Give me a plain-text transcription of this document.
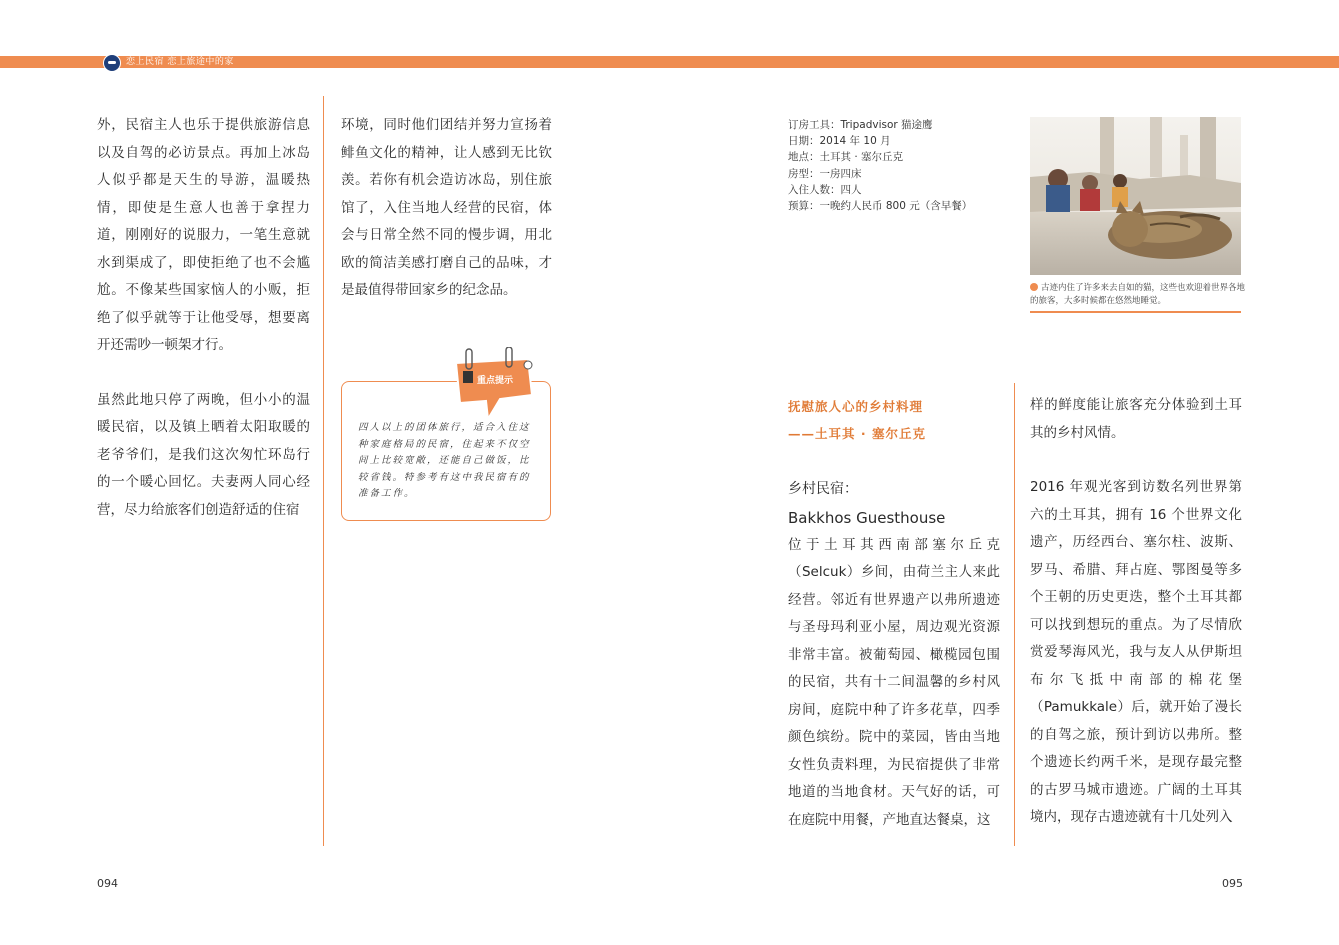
恋上民宿 恋上旅途中的家

外，民宿主人也乐于提供旅游信息以及自驾的必访景点。再加上冰岛人似乎都是天生的导游，温暖热情，即使是生意人也善于拿捏力道，刚刚好的说服力，一笔生意就水到渠成了，即使拒绝了也不会尴尬。不像某些国家恼人的小贩，拒绝了似乎就等于让他受辱，想要离开还需吵一顿架才行。

虽然此地只停了两晚，但小小的温暖民宿，以及镇上晒着太阳取暖的老爷爷们，是我们这次匆忙环岛行的一个暖心回忆。夫妻两人同心经营，尽力给旅客们创造舒适的住宿

环境，同时他们团结并努力宣扬着鲱鱼文化的精神，让人感到无比钦羡。若你有机会造访冰岛，别住旅馆了，入住当地人经营的民宿，体会与日常全然不同的慢步调，用北欧的简洁美感打磨自己的品味，才是最值得带回家乡的纪念品。

重点提示
四人以上的团体旅行，适合入住这种家庭格局的民宿，住起来不仅空间上比较宽敞，还能自己做饭，比较省钱。特参考有这中我民宿有的准备工作。
094
订房工具：Tripadvisor 猫途鹰
日期：2014 年 10 月
地点：土耳其 · 塞尔丘克
房型：一房四床
入住人数：四人
预算：一晚约人民币 800 元（含早餐）
古迹内住了许多来去自如的猫，这些也欢迎着世界各地的旅客，大多时候都在悠然地睡觉。
抚慰旅人心的乡村料理
——土耳其 · 塞尔丘克
乡村民宿：
Bakkhos Guesthouse

位于土耳其西南部塞尔丘克（Selcuk）乡间，由荷兰主人来此经营。邻近有世界遗产以弗所遗迹与圣母玛利亚小屋，周边观光资源非常丰富。被葡萄园、橄榄园包围的民宿，共有十二间温馨的乡村风房间，庭院中种了许多花草，四季颜色缤纷。院中的菜园，皆由当地女性负责料理，为民宿提供了非常地道的当地食材。天气好的话，可在庭院中用餐，产地直达餐桌，这

样的鲜度能让旅客充分体验到土耳其的乡村风情。

2016 年观光客到访数名列世界第六的土耳其，拥有 16 个世界文化遗产，历经西台、塞尔柱、波斯、罗马、希腊、拜占庭、鄂图曼等多个王朝的历史更迭，整个土耳其都可以找到想玩的重点。为了尽情欣赏爱琴海风光，我与友人从伊斯坦布尔飞抵中南部的棉花堡（Pamukkale）后，就开始了漫长的自驾之旅，预计到访以弗所。整个遗迹长约两千米，是现存最完整的古罗马城市遗迹。广阔的土耳其境内，现存古遗迹就有十几处列入

095
